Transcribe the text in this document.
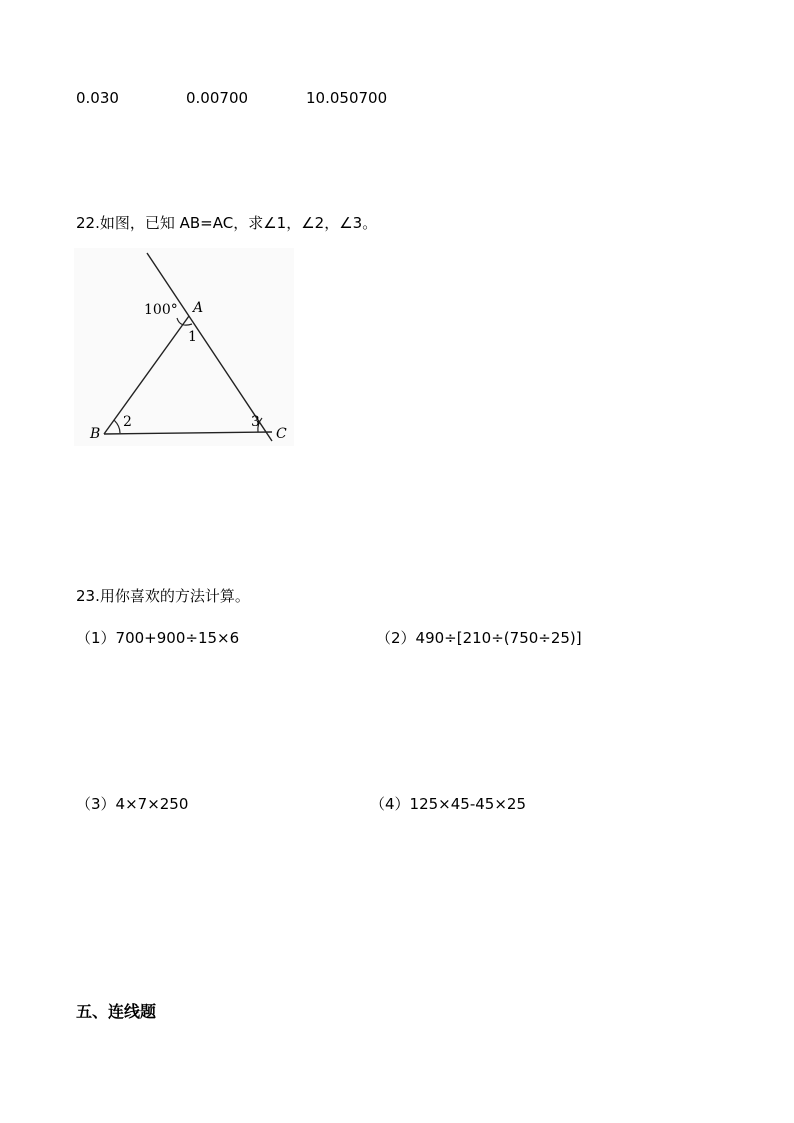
0.030	0.00700	10.050700
22.如图，已知 AB=AC，求∠1，∠2，∠3。
100° A
1
B
2	3
C
23.用你喜欢的方法计算。
（1）700+900÷15×6	（2）490÷[210÷(750÷25)]
（3）4×7×250	（4）125×45-45×25
五、连线题
